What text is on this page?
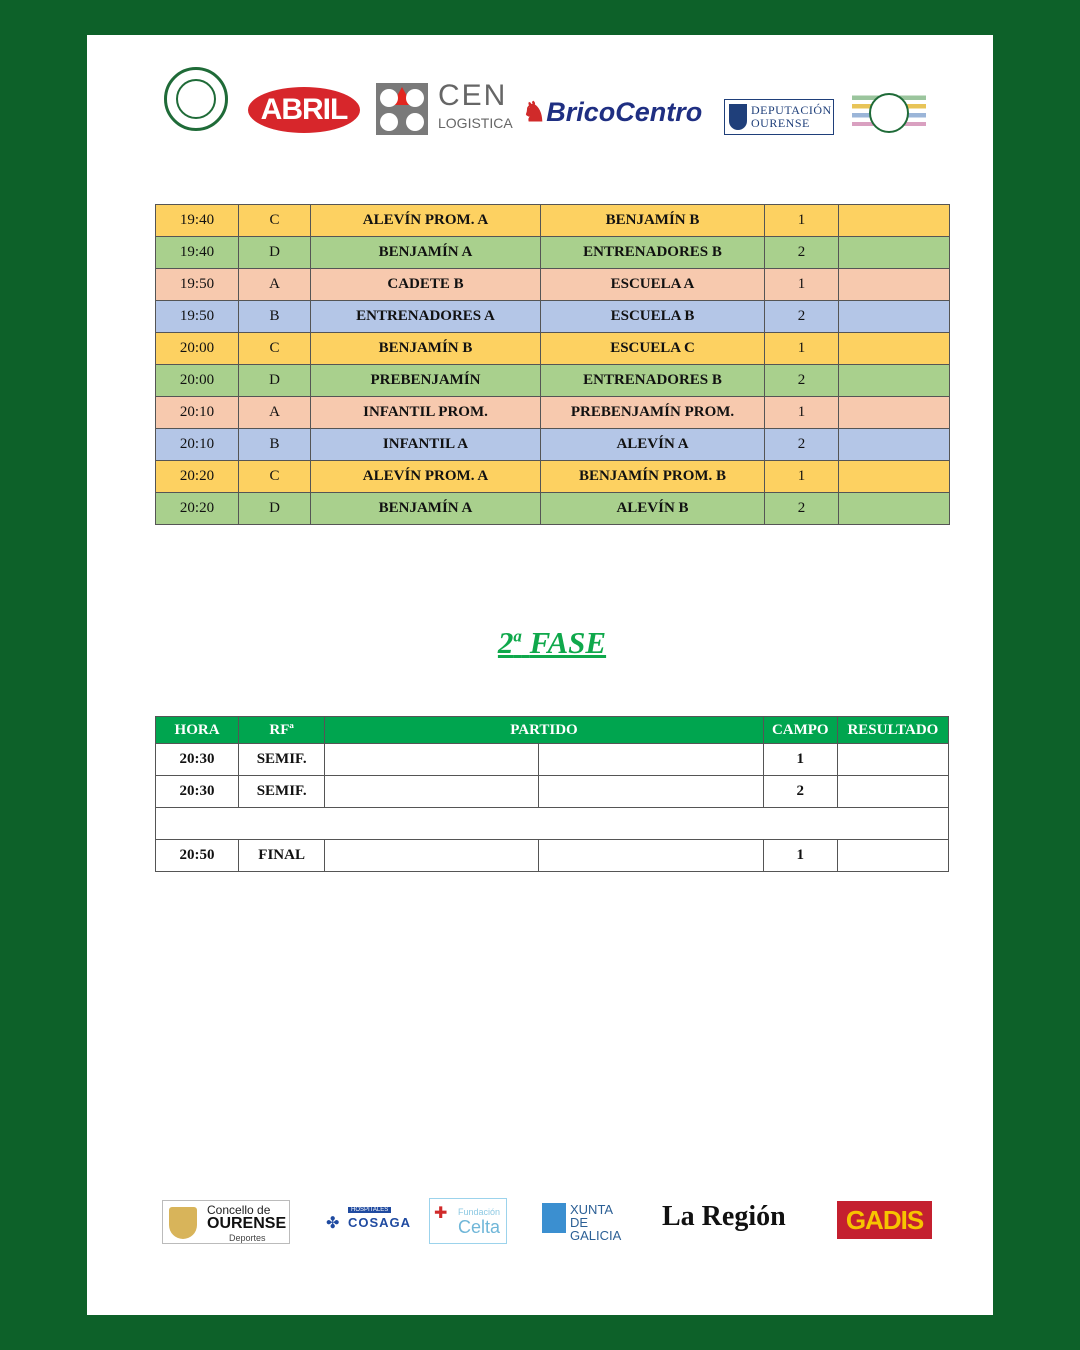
ABRIL	CEN
LOGISTICA ♞BricoCentro	DEPUTACIÓN
OURENSE
19:40	C	ALEVÍN PROM. A	BENJAMÍN B	1	
19:40	D	BENJAMÍN A	ENTRENADORES B	2	
19:50	A	CADETE B	ESCUELA A	1	
19:50	B	ENTRENADORES A	ESCUELA B	2	
20:00	C	BENJAMÍN B	ESCUELA C	1	
20:00	D	PREBENJAMÍN	ENTRENADORES B	2	
20:10	A	INFANTIL PROM.	PREBENJAMÍN PROM.	1	
20:10	B	INFANTIL A	ALEVÍN A	2	
20:20	C	ALEVÍN PROM. A	BENJAMÍN PROM. B	1	
20:20	D	BENJAMÍN A	ALEVÍN B	2	
2$^a$ FASE
HORA	RFª	PARTIDO		CAMPO	RESULTADO
20:30	SEMIF.			1	
20:30	SEMIF.			2	

20:50	FINAL			1	
Concello de
OURENSE
Deportes
✤
HOSPITALES
COSAGA
✚ Fundación
Celta
XUNTA
DE GALICIA
La Región	GADIS
